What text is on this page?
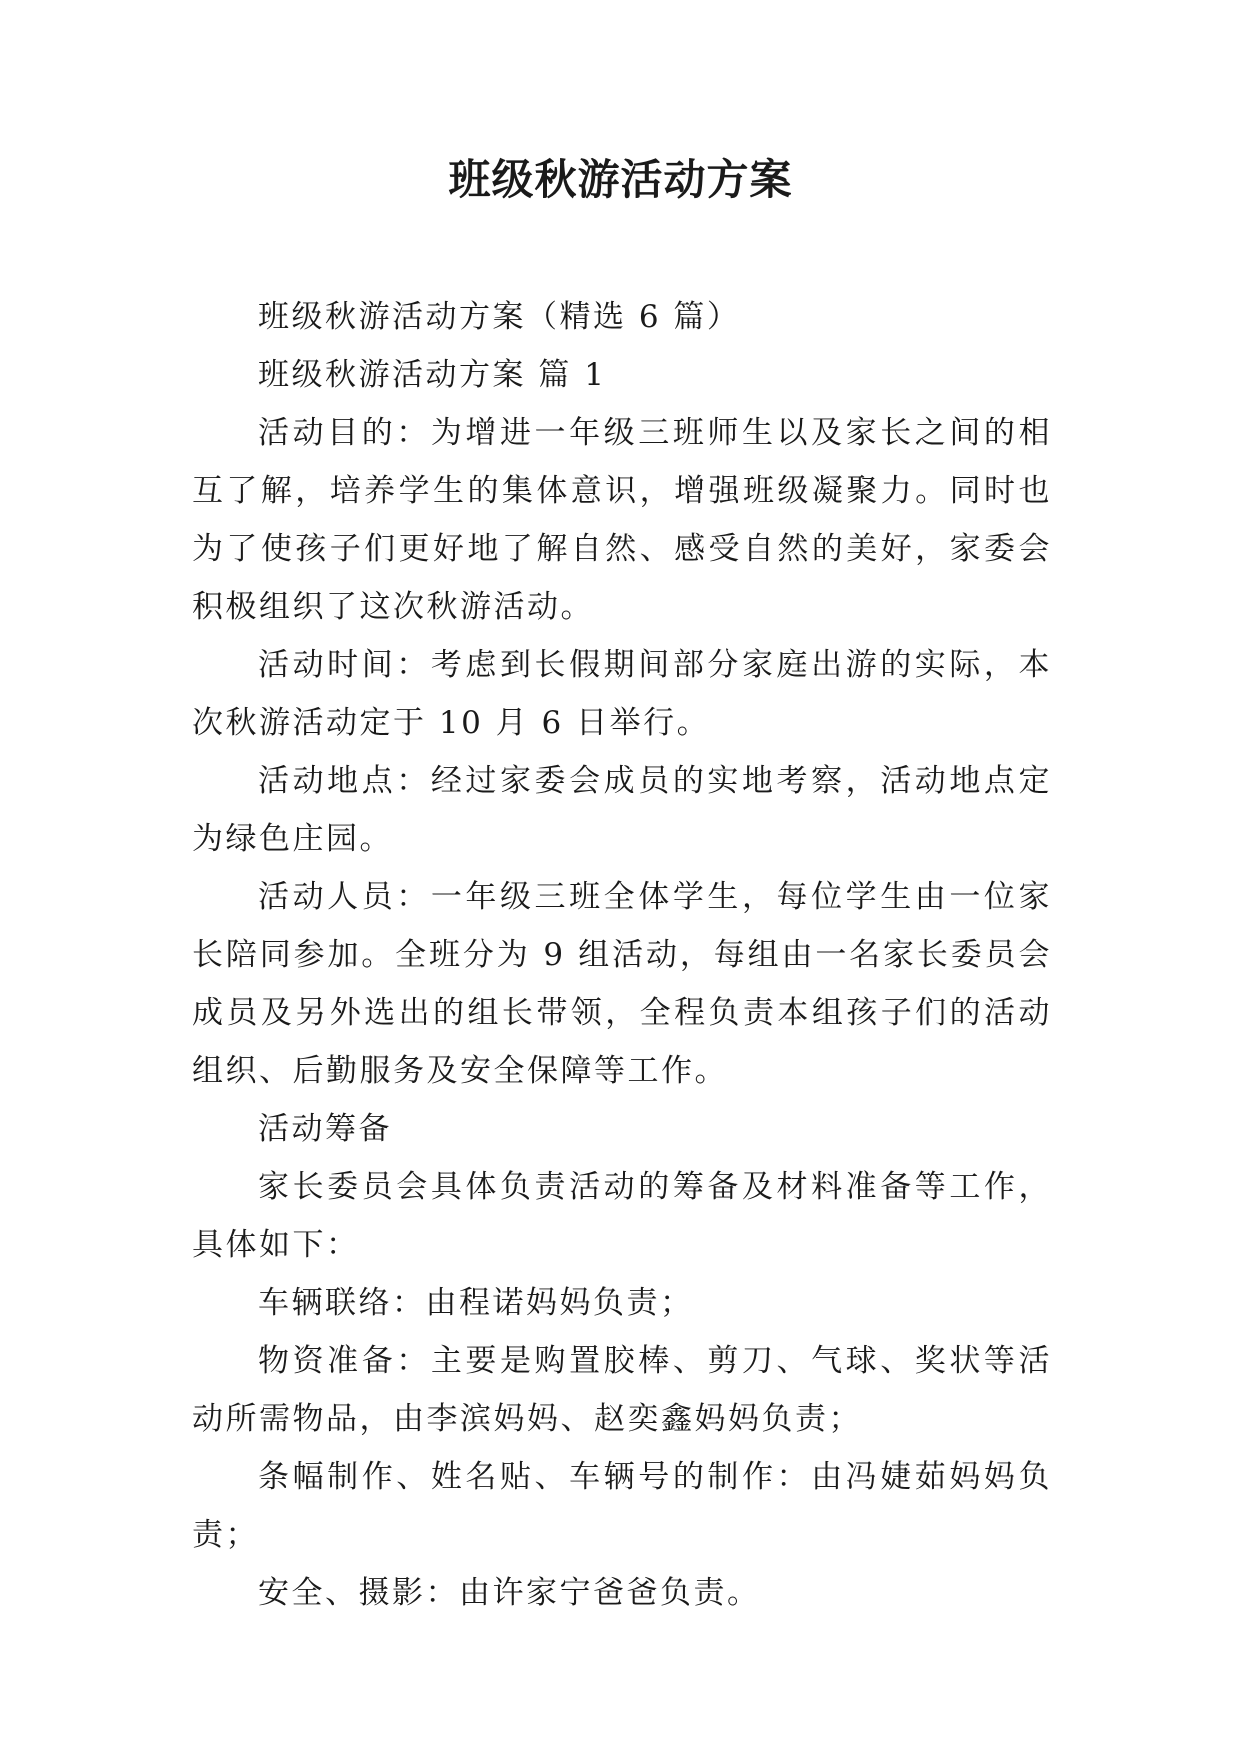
班级秋游活动方案

班级秋游活动方案（精选 6 篇）

班级秋游活动方案 篇 1

活动目的：为增进一年级三班师生以及家长之间的相互了解，培养学生的集体意识，增强班级凝聚力。同时也为了使孩子们更好地了解自然、感受自然的美好，家委会积极组织了这次秋游活动。

活动时间：考虑到长假期间部分家庭出游的实际，本次秋游活动定于 10 月 6 日举行。

活动地点：经过家委会成员的实地考察，活动地点定为绿色庄园。

活动人员：一年级三班全体学生，每位学生由一位家长陪同参加。全班分为 9 组活动，每组由一名家长委员会成员及另外选出的组长带领，全程负责本组孩子们的活动组织、后勤服务及安全保障等工作。

活动筹备

家长委员会具体负责活动的筹备及材料准备等工作，具体如下：

车辆联络：由程诺妈妈负责；

物资准备：主要是购置胶棒、剪刀、气球、奖状等活动所需物品，由李滨妈妈、赵奕鑫妈妈负责；

条幅制作、姓名贴、车辆号的制作：由冯婕茹妈妈负责；

安全、摄影：由许家宁爸爸负责。
